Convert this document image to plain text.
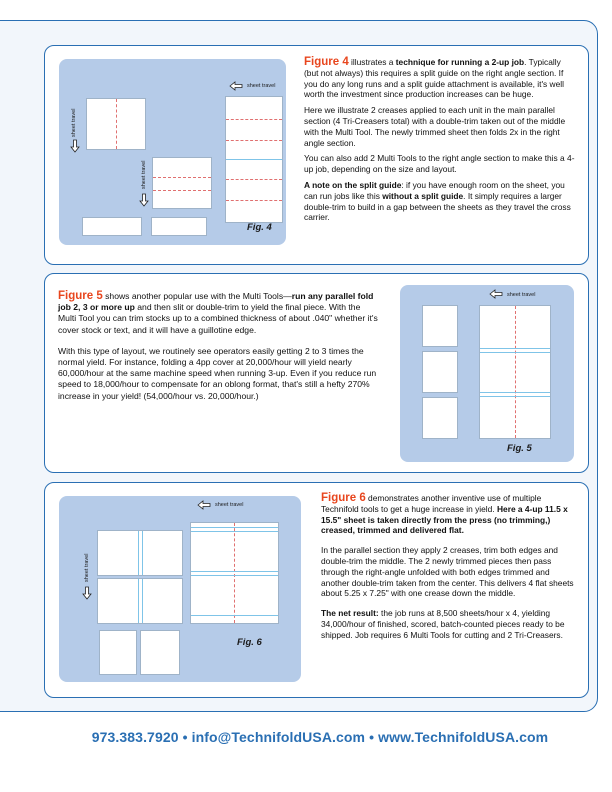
sheet travel
sheet travel
sheet travel
Fig. 4

Figure 4 illustrates a technique for running a 2-up job. Typically (but not always) this requires a split guide on the right angle section. If you do any long runs and a split guide attachment is available, it's well worth the investment since production increases can be huge.

Here we illustrate 2 creases applied to each unit in the main parallel section (4 Tri-Creasers total) with a double-trim taken out of the middle with the Multi Tool. The newly trimmed sheet then folds 2x in the right angle section.

You can also add 2 Multi Tools to the right angle section to make this a 4-up job, depending on the size and layout.

A note on the split guide: if you have enough room on the sheet, you can run jobs like this without a split guide. It simply requires a larger double-trim to build in a gap between the sheets as they travel the cross carrier.

Figure 5 shows another popular use with the Multi Tools—run any parallel fold job 2, 3 or more up and then slit or double-trim to yield the final piece. With the Multi Tool you can trim stocks up to a combined thickness of about .040" whether it's cover stock or text, and it will have a guillotine edge.

With this type of layout, we routinely see operators easily getting 2 to 3 times the normal yield. For instance, folding a 4pp cover at 20,000/hour will yield nearly 60,000/hour at the same machine speed when running 3-up. Even if you reduce run speed to 18,000/hour to compensate for an oblong format, that's still a hefty 270% increase in your yield! (54,000/hour vs. 20,000/hour.)

sheet travel
Fig. 5
sheet travel
sheet travel
Fig. 6

Figure 6 demonstrates another inventive use of multiple Technifold tools to get a huge increase in yield. Here a 4-up 11.5 x 15.5" sheet is taken directly from the press (no trimming,) creased, trimmed and delivered flat.

In the parallel section they apply 2 creases, trim both edges and double-trim the middle. The 2 newly trimmed pieces then pass through the right-angle unfolded with both edges trimmed and another double-trim taken from the center. This delivers 4 flat sheets about 5.25 x 7.25" with one crease down the middle.

The net result: the job runs at 8,500 sheets/hour x 4, yielding 34,000/hour of finished, scored, batch-counted pieces ready to be shipped. Job requires 6 Multi Tools for cutting and 2 Tri-Creasers.

973.383.7920 • info@TechnifoldUSA.com • www.TechnifoldUSA.com
